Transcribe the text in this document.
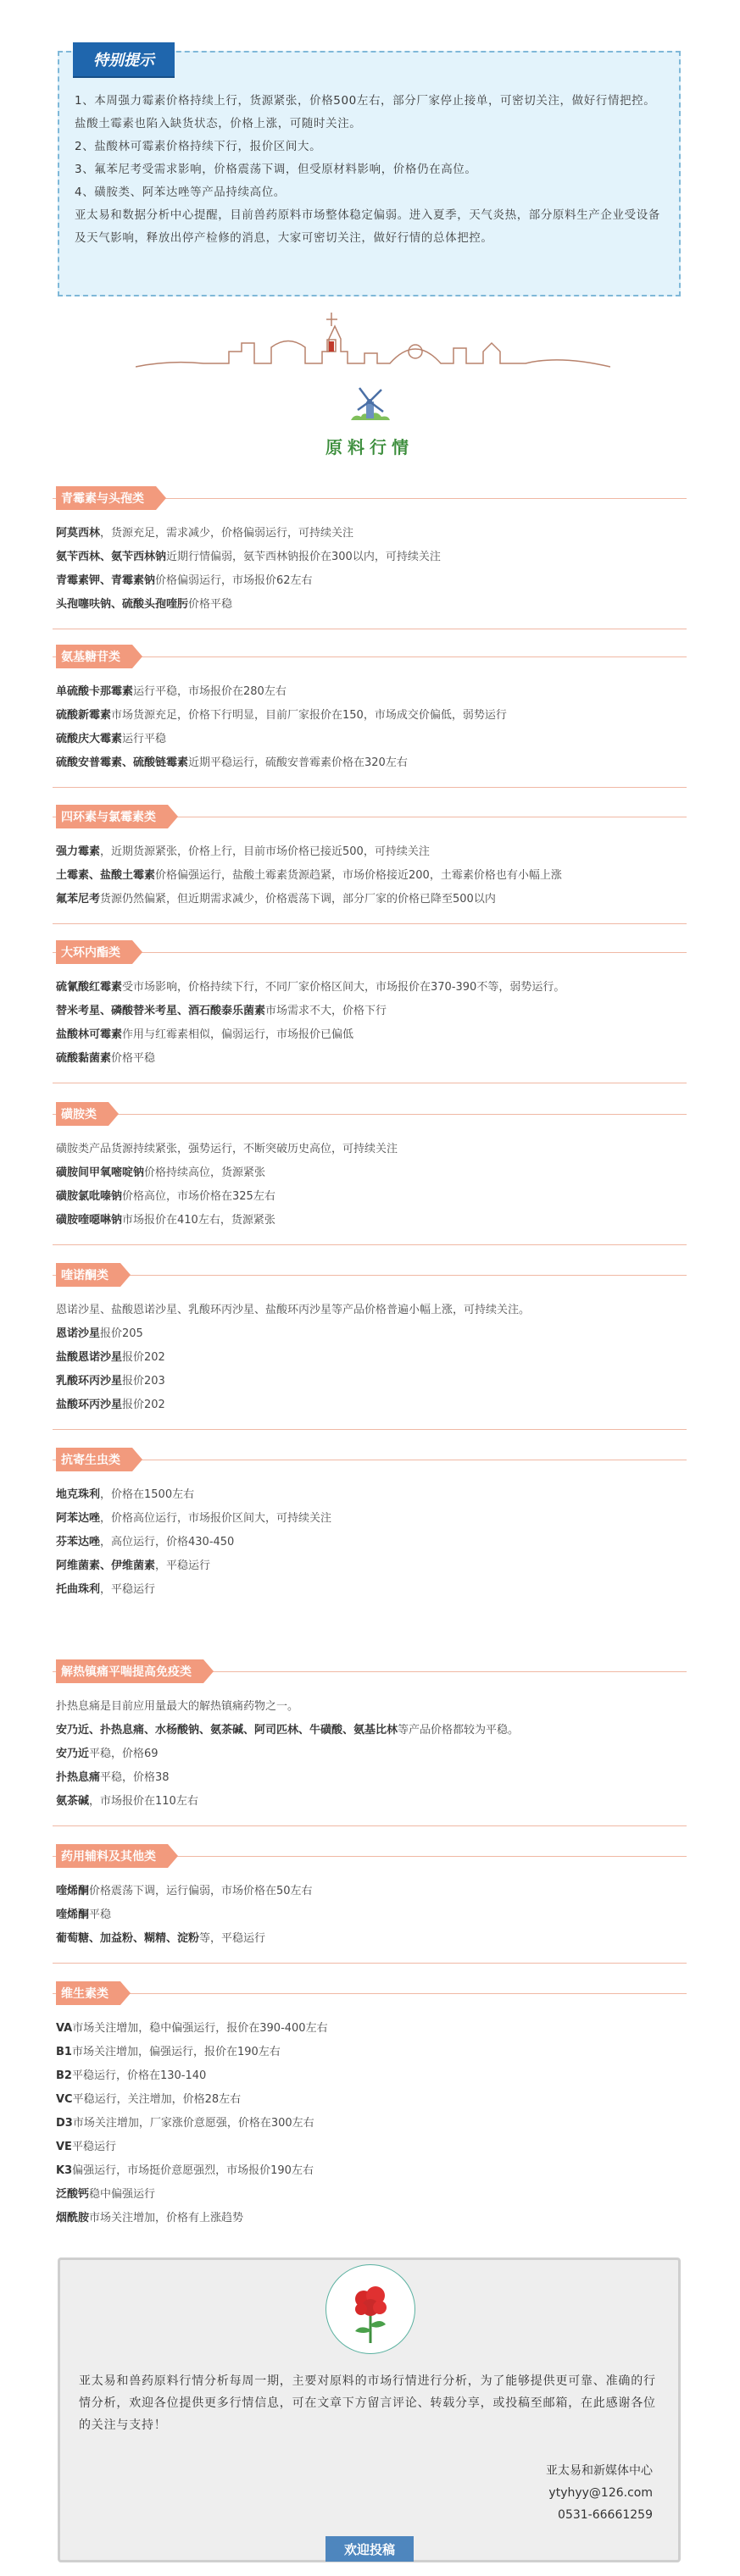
特别提示

1、本周强力霉素价格持续上行，货源紧张，价格500左右，部分厂家停止接单，可密切关注，做好行情把控。盐酸土霉素也陷入缺货状态，价格上涨，可随时关注。

2、盐酸林可霉素价格持续下行，报价区间大。

3、氟苯尼考受需求影响，价格震荡下调，但受原材料影响，价格仍在高位。

4、磺胺类、阿苯达唑等产品持续高位。

亚太易和数据分析中心提醒，目前兽药原料市场整体稳定偏弱。进入夏季，天气炎热，部分原料生产企业受设备及天气影响，释放出停产检修的消息，大家可密切关注，做好行情的总体把控。

原料行情
青霉素与头孢类
阿莫西林，货源充足，需求减少，价格偏弱运行，可持续关注
氨苄西林、氨苄西林钠近期行情偏弱，氨苄西林钠报价在300以内，可持续关注
青霉素钾、青霉素钠价格偏弱运行，市场报价62左右
头孢噻呋钠、硫酸头孢喹肟价格平稳
氨基糖苷类
单硫酸卡那霉素运行平稳，市场报价在280左右
硫酸新霉素市场货源充足，价格下行明显，目前厂家报价在150，市场成交价偏低，弱势运行
硫酸庆大霉素运行平稳
硫酸安普霉素、硫酸链霉素近期平稳运行，硫酸安普霉素价格在320左右
四环素与氯霉素类
强力霉素，近期货源紧张，价格上行，目前市场价格已接近500，可持续关注
土霉素、盐酸土霉素价格偏强运行，盐酸土霉素货源趋紧，市场价格接近200，土霉素价格也有小幅上涨
氟苯尼考货源仍然偏紧，但近期需求减少，价格震荡下调，部分厂家的价格已降至500以内
大环内酯类
硫氰酸红霉素受市场影响，价格持续下行，不同厂家价格区间大，市场报价在370-390不等，弱势运行。
替米考星、磷酸替米考星、酒石酸泰乐菌素市场需求不大，价格下行
盐酸林可霉素作用与红霉素相似，偏弱运行，市场报价已偏低
硫酸黏菌素价格平稳
磺胺类
磺胺类产品货源持续紧张，强势运行，不断突破历史高位，可持续关注
磺胺间甲氧嘧啶钠价格持续高位，货源紧张
磺胺氯吡嗪钠价格高位，市场价格在325左右
磺胺喹噁啉钠市场报价在410左右，货源紧张
喹诺酮类
恩诺沙星、盐酸恩诺沙星、乳酸环丙沙星、盐酸环丙沙星等产品价格普遍小幅上涨，可持续关注。
恩诺沙星报价205
盐酸恩诺沙星报价202
乳酸环丙沙星报价203
盐酸环丙沙星报价202
抗寄生虫类
地克珠利，价格在1500左右
阿苯达唑，价格高位运行，市场报价区间大，可持续关注
芬苯达唑，高位运行，价格430-450
阿维菌素、伊维菌素，平稳运行
托曲珠利，平稳运行
解热镇痛平喘提高免疫类
扑热息痛是目前应用量最大的解热镇痛药物之一。
安乃近、扑热息痛、水杨酸钠、氨茶碱、阿司匹林、牛磺酸、氨基比林等产品价格都较为平稳。
安乃近平稳，价格69
扑热息痛平稳，价格38
氨茶碱，市场报价在110左右
药用辅料及其他类
喹烯酮价格震荡下调，运行偏弱，市场价格在50左右
喹烯酮平稳
葡萄糖、加益粉、糊精、淀粉等，平稳运行
维生素类
VA市场关注增加，稳中偏强运行，报价在390-400左右
B1市场关注增加，偏强运行，报价在190左右
B2平稳运行，价格在130-140
VC平稳运行，关注增加，价格28左右
D3市场关注增加，厂家涨价意愿强，价格在300左右
VE平稳运行
K3偏强运行，市场挺价意愿强烈，市场报价190左右
泛酸钙稳中偏强运行
烟酰胺市场关注增加，价格有上涨趋势
亚太易和兽药原料行情分析每周一期，主要对原料的市场行情进行分析，为了能够提供更可靠、准确的行情分析，欢迎各位提供更多行情信息，可在文章下方留言评论、转载分享，或投稿至邮箱，在此感谢各位的关注与支持！
亚太易和新媒体中心
ytyhyy@126.com
0531-66661259
欢迎投稿
